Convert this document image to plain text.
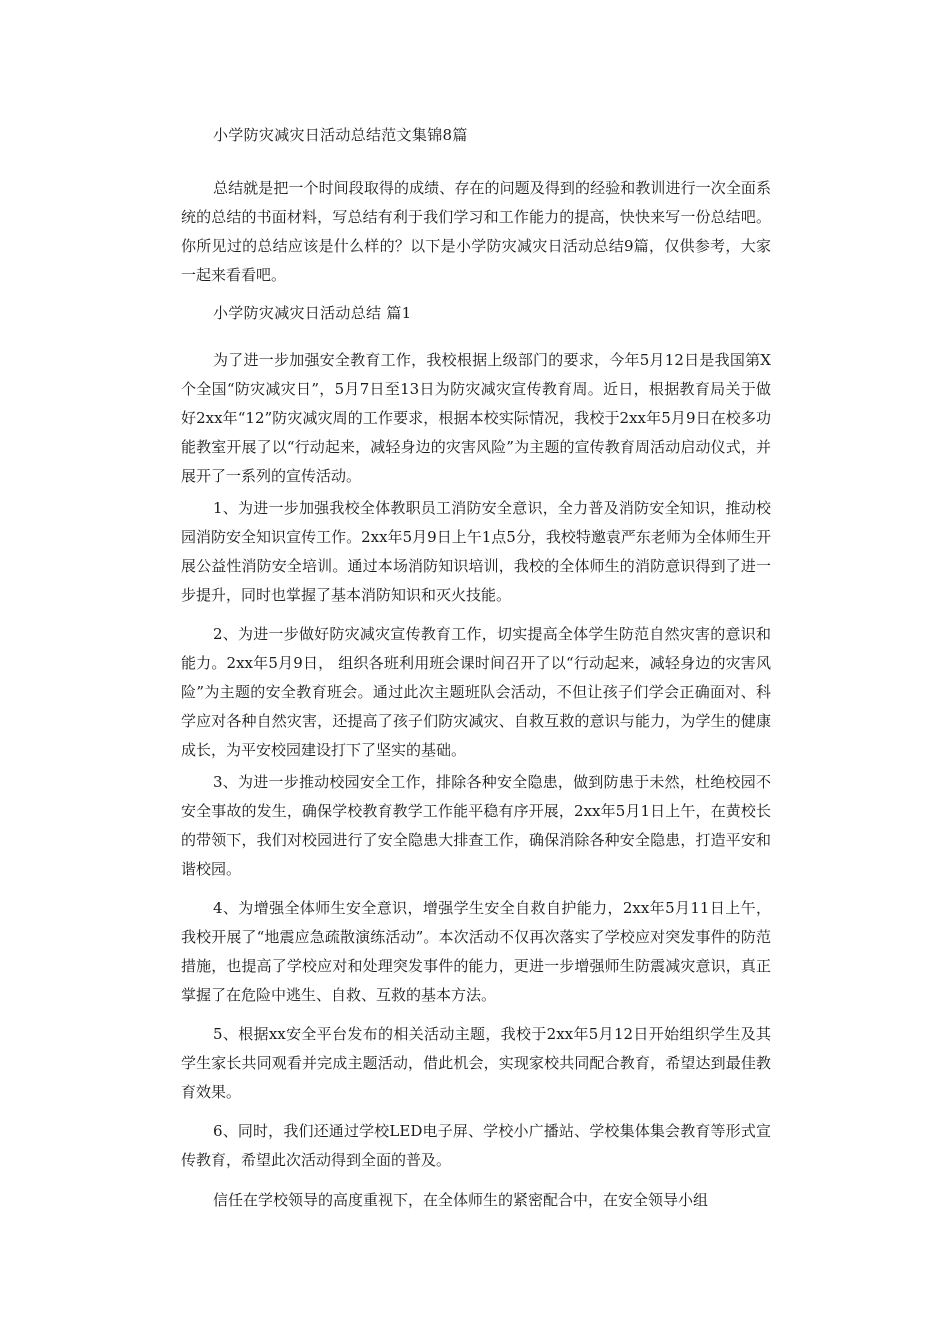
小学防灾减灾日活动总结范文集锦8篇

总结就是把一个时间段取得的成绩、存在的问题及得到的经验和教训进行一次全面系统的总结的书面材料，写总结有利于我们学习和工作能力的提高，快快来写一份总结吧。你所见过的总结应该是什么样的？以下是小学防灾减灾日活动总结9篇，仅供参考，大家一起来看看吧。

小学防灾减灾日活动总结 篇1

为了进一步加强安全教育工作，我校根据上级部门的要求，今年5月12日是我国第X个全国“防灾减灾日”，5月7日至13日为防灾减灾宣传教育周。近日，根据教育局关于做好2xx年“12”防灾减灾周的工作要求，根据本校实际情况，我校于2xx年5月9日在校多功能教室开展了以“行动起来，减轻身边的灾害风险”为主题的宣传教育周活动启动仪式，并展开了一系列的宣传活动。

1、为进一步加强我校全体教职员工消防安全意识，全力普及消防安全知识，推动校园消防安全知识宣传工作。2xx年5月9日上午1点5分，我校特邀袁严东老师为全体师生开展公益性消防安全培训。通过本场消防知识培训，我校的全体师生的消防意识得到了进一步提升，同时也掌握了基本消防知识和灭火技能。

2、为进一步做好防灾减灾宣传教育工作，切实提高全体学生防范自然灾害的意识和能力。2xx年5月9日， 组织各班利用班会课时间召开了以“行动起来，减轻身边的灾害风险”为主题的安全教育班会。通过此次主题班队会活动，不但让孩子们学会正确面对、科学应对各种自然灾害，还提高了孩子们防灾减灾、自救互救的意识与能力，为学生的健康成长，为平安校园建设打下了坚实的基础。

3、为进一步推动校园安全工作，排除各种安全隐患，做到防患于未然，杜绝校园不安全事故的发生，确保学校教育教学工作能平稳有序开展，2xx年5月1日上午，在黄校长的带领下，我们对校园进行了安全隐患大排查工作，确保消除各种安全隐患，打造平安和谐校园。

4、为增强全体师生安全意识，增强学生安全自救自护能力，2xx年5月11日上午，我校开展了“地震应急疏散演练活动”。本次活动不仅再次落实了学校应对突发事件的防范措施，也提高了学校应对和处理突发事件的能力，更进一步增强师生防震减灾意识，真正掌握了在危险中逃生、自救、互救的基本方法。

5、根据xx安全平台发布的相关活动主题，我校于2xx年5月12日开始组织学生及其学生家长共同观看并完成主题活动，借此机会，实现家校共同配合教育，希望达到最佳教育效果。

6、同时，我们还通过学校LED电子屏、学校小广播站、学校集体集会教育等形式宣传教育，希望此次活动得到全面的普及。

信任在学校领导的高度重视下，在全体师生的紧密配合中，在安全领导小组
